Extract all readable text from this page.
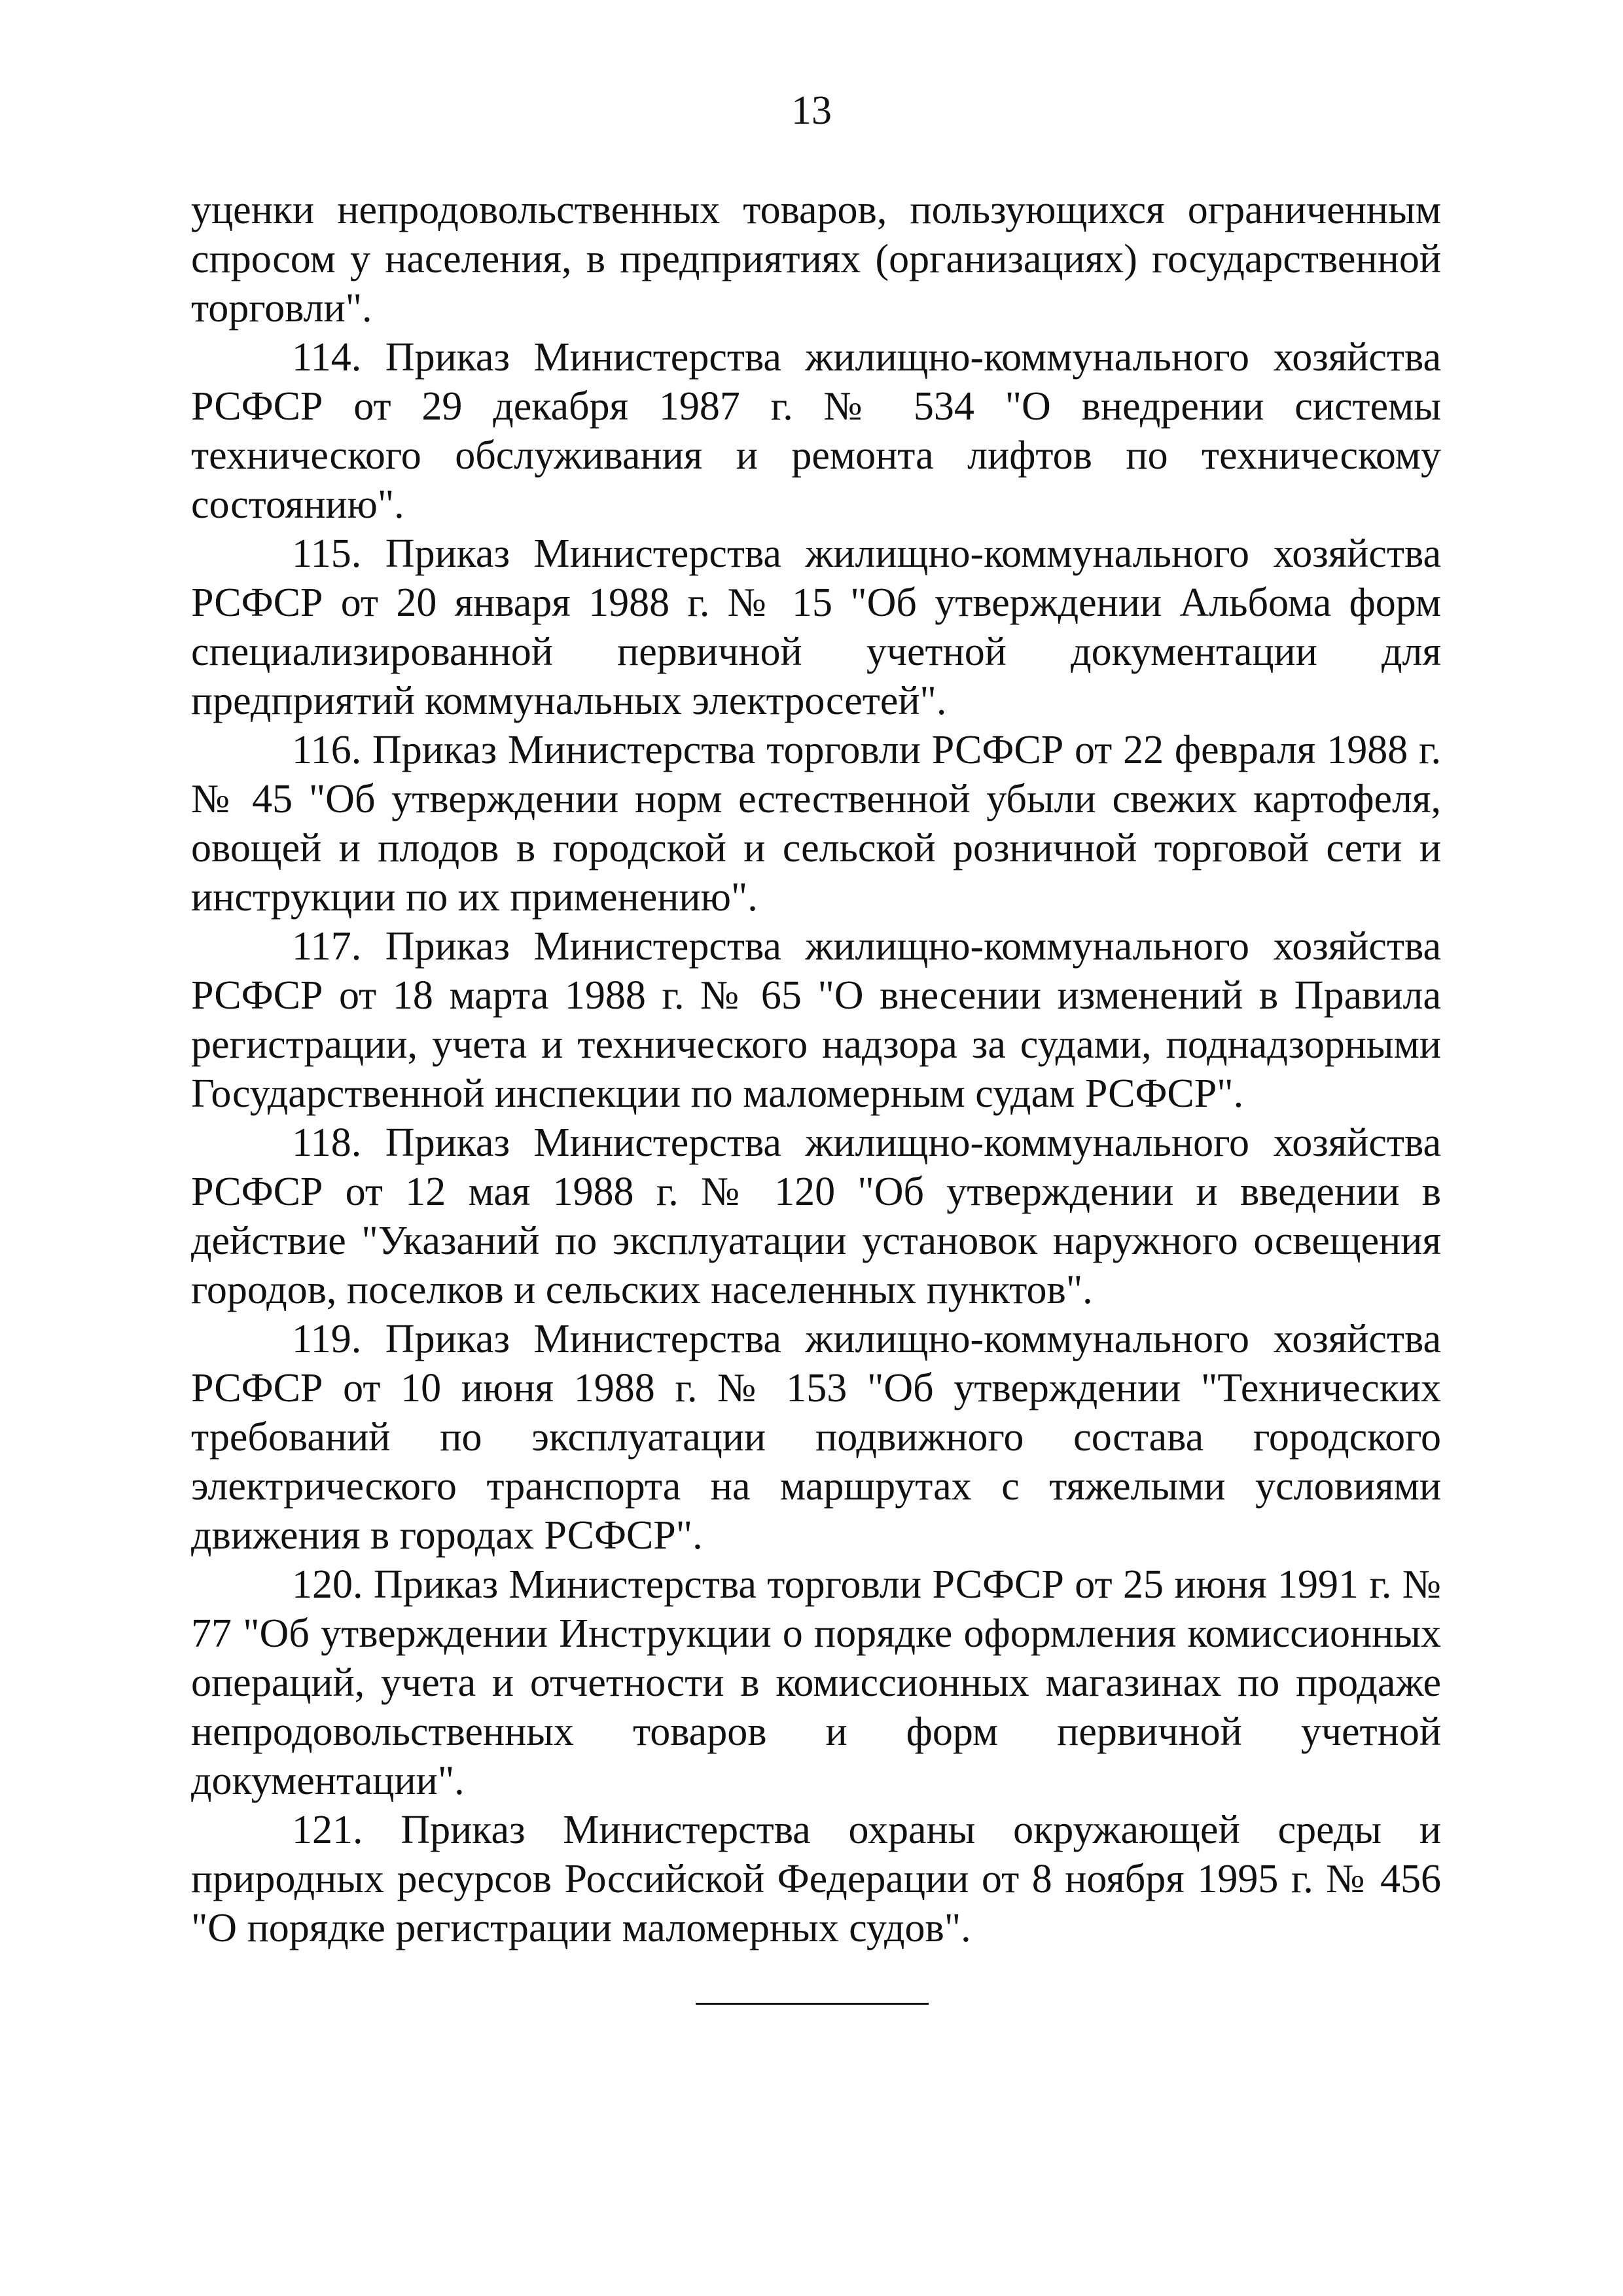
13

уценки непродовольственных товаров, пользующихся ограниченным спросом у населения, в предприятиях (организациях) государственной торговли".

114. Приказ Министерства жилищно-коммунального хозяйства РСФСР от 29 декабря 1987 г. № 534 "О внедрении системы технического обслуживания и ремонта лифтов по техническому состоянию".

115. Приказ Министерства жилищно-коммунального хозяйства РСФСР от 20 января 1988 г. № 15 "Об утверждении Альбома форм специализированной первичной учетной документации для предприятий коммунальных электросетей".

116. Приказ Министерства торговли РСФСР от 22 февраля 1988 г. № 45 "Об утверждении норм естественной убыли свежих картофеля, овощей и плодов в городской и сельской розничной торговой сети и инструкции по их применению".

117. Приказ Министерства жилищно-коммунального хозяйства РСФСР от 18 марта 1988 г. № 65 "О внесении изменений в Правила регистрации, учета и технического надзора за судами, поднадзорными Государственной инспекции по маломерным судам РСФСР".

118. Приказ Министерства жилищно-коммунального хозяйства РСФСР от 12 мая 1988 г. № 120 "Об утверждении и введении в действие "Указаний по эксплуатации установок наружного освещения городов, поселков и сельских населенных пунктов".

119. Приказ Министерства жилищно-коммунального хозяйства РСФСР от 10 июня 1988 г. № 153 "Об утверждении "Технических требований по эксплуатации подвижного состава городского электрического транспорта на маршрутах с тяжелыми условиями движения в городах РСФСР".

120. Приказ Министерства торговли РСФСР от 25 июня 1991 г. № 77 "Об утверждении Инструкции о порядке оформления комиссионных операций, учета и отчетности в комиссионных магазинах по продаже непродовольственных товаров и форм первичной учетной документации".

121. Приказ Министерства охраны окружающей среды и природных ресурсов Российской Федерации от 8 ноября 1995 г. № 456 "О порядке регистрации маломерных судов".
